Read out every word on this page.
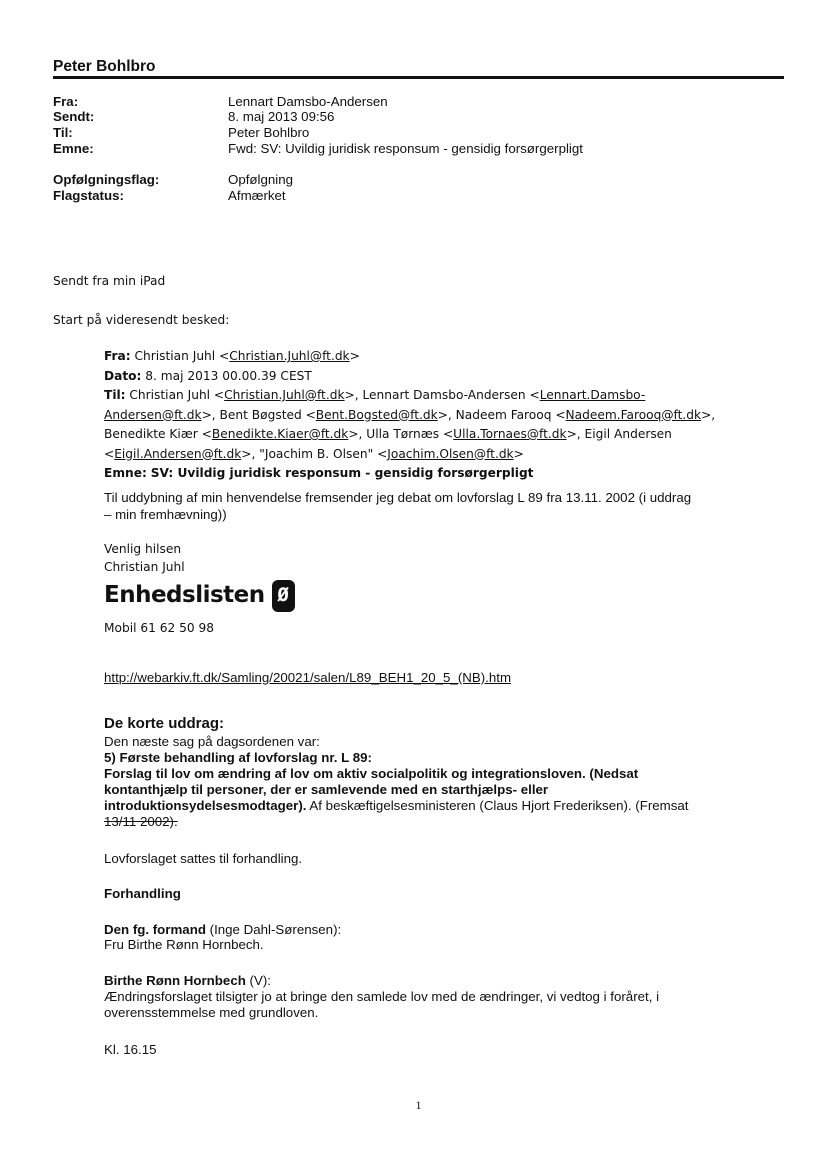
Peter Bohlbro
Fra:	Lennart Damsbo-Andersen
Sendt:	8. maj 2013 09:56
Til:	Peter Bohlbro
Emne:	Fwd: SV: Uvildig juridisk responsum - gensidig forsørgerpligt
Opfølgningsflag:	Opfølgning
Flagstatus:	Afmærket
Sendt fra min iPad
Start på videresendt besked:
Fra: Christian Juhl <Christian.Juhl@ft.dk>
Dato: 8. maj 2013 00.00.39 CEST
Til: Christian Juhl <Christian.Juhl@ft.dk>, Lennart Damsbo-Andersen <Lennart.Damsbo-
Andersen@ft.dk>, Bent Bøgsted <Bent.Bogsted@ft.dk>, Nadeem Farooq <Nadeem.Farooq@ft.dk>,
Benedikte Kiær <Benedikte.Kiaer@ft.dk>, Ulla Tørnæs <Ulla.Tornaes@ft.dk>, Eigil Andersen
<Eigil.Andersen@ft.dk>, "Joachim B. Olsen" <Joachim.Olsen@ft.dk>
Emne: SV: Uvildig juridisk responsum - gensidig forsørgerpligt
Til uddybning af min henvendelse fremsender jeg debat om lovforslag L 89 fra 13.11. 2002 (i uddrag
– min fremhævning))
Venlig hilsen
Christian Juhl
Enhedslisten Ø
Mobil 61 62 50 98
http://webarkiv.ft.dk/Samling/20021/salen/L89_BEH1_20_5_(NB).htm
De korte uddrag:
Den næste sag på dagsordenen var:
5) Første behandling af lovforslag nr. L 89:
Forslag til lov om ændring af lov om aktiv socialpolitik og integrationsloven. (Nedsat
kontanthjælp til personer, der er samlevende med en starthjælps- eller
introduktionsydelsesmodtager). Af beskæftigelsesministeren (Claus Hjort Frederiksen). (Fremsat
13/11 2002).
Lovforslaget sattes til forhandling.
Forhandling
Den fg. formand (Inge Dahl-Sørensen):
Fru Birthe Rønn Hornbech.
Birthe Rønn Hornbech (V):
Ændringsforslaget tilsigter jo at bringe den samlede lov med de ændringer, vi vedtog i foråret, i
overensstemmelse med grundloven.
Kl. 16.15
1
